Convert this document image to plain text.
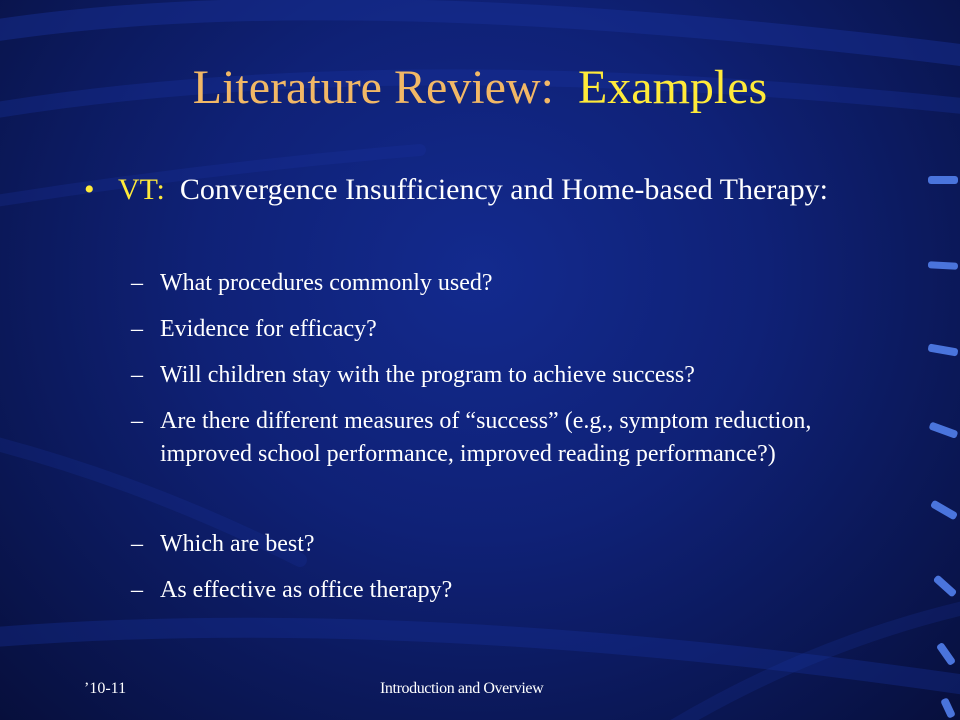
Literature Review: Examples
• VT: Convergence Insufficiency and Home-based Therapy:
– What procedures commonly used?
– Evidence for efficacy?
– Will children stay with the program to achieve success?
– Are there different measures of “success” (e.g., symptom reduction, improved school performance, improved reading performance?)
– Which are best?
– As effective as office therapy?
’10-11	Introduction and Overview
